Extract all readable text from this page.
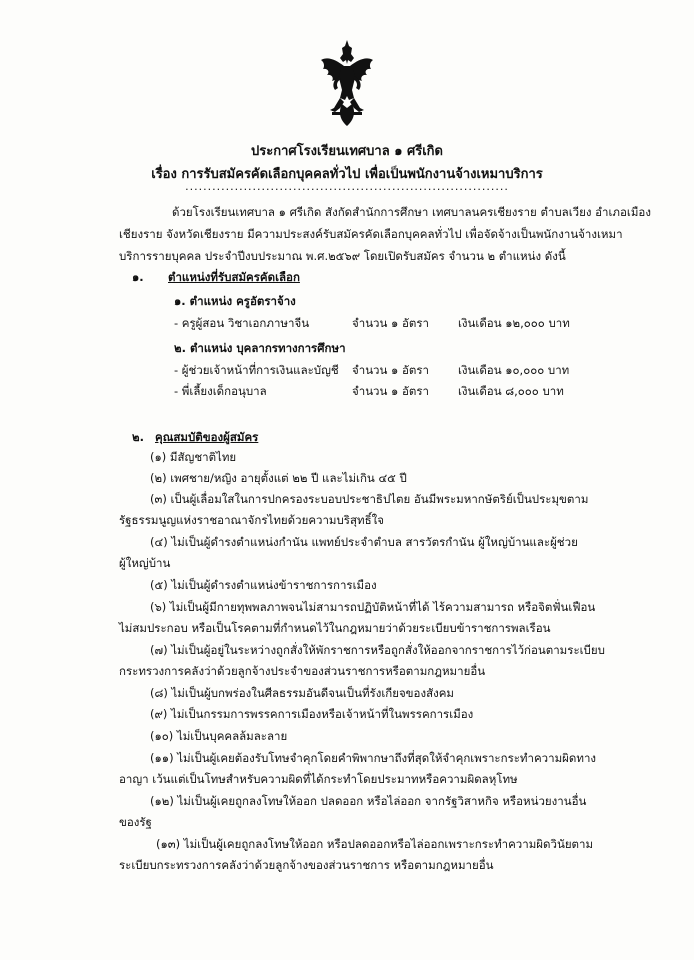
ประกาศโรงเรียนเทศบาล ๑ ศรีเกิด
เรื่อง การรับสมัครคัดเลือกบุคคลทั่วไป เพื่อเป็นพนักงานจ้างเหมาบริการ
........................................................................
ด้วยโรงเรียนเทศบาล ๑ ศรีเกิด สังกัดสำนักการศึกษา เทศบาลนครเชียงราย ตำบลเวียง อำเภอเมือง
เชียงราย จังหวัดเชียงราย มีความประสงค์รับสมัครคัดเลือกบุคคลทั่วไป เพื่อจัดจ้างเป็นพนักงานจ้างเหมา
บริการรายบุคคล ประจำปีงบประมาณ พ.ศ.๒๕๖๙ โดยเปิดรับสมัคร จำนวน ๒ ตำแหน่ง ดังนี้
๑. ตำแหน่งที่รับสมัครคัดเลือก
๑. ตำแหน่ง ครูอัตราจ้าง
- ครูผู้สอน วิชาเอกภาษาจีน	จำนวน ๑ อัตรา	เงินเดือน ๑๒,๐๐๐ บาท
๒. ตำแหน่ง บุคลากรทางการศึกษา
- ผู้ช่วยเจ้าหน้าที่การเงินและบัญชี จำนวน ๑ อัตรา	เงินเดือน ๑๐,๐๐๐ บาท
- พี่เลี้ยงเด็กอนุบาล	จำนวน ๑ อัตรา	เงินเดือน ๘,๐๐๐ บาท
๒. คุณสมบัติของผู้สมัคร
(๑) มีสัญชาติไทย
(๒) เพศชาย/หญิง อายุตั้งแต่ ๒๒ ปี และไม่เกิน ๔๕ ปี
(๓) เป็นผู้เลื่อมใสในการปกครองระบอบประชาธิปไตย อันมีพระมหากษัตริย์เป็นประมุขตาม
รัฐธรรมนูญแห่งราชอาณาจักรไทยด้วยความบริสุทธิ์ใจ
(๔) ไม่เป็นผู้ดำรงตำแหน่งกำนัน แพทย์ประจำตำบล สารวัตรกำนัน ผู้ใหญ่บ้านและผู้ช่วย
ผู้ใหญ่บ้าน
(๕) ไม่เป็นผู้ดำรงตำแหน่งข้าราชการการเมือง
(๖) ไม่เป็นผู้มีกายทุพพลภาพจนไม่สามารถปฏิบัติหน้าที่ได้ ไร้ความสามารถ หรือจิตฟั่นเฟือน
ไม่สมประกอบ หรือเป็นโรคตามที่กำหนดไว้ในกฎหมายว่าด้วยระเบียบข้าราชการพลเรือน
(๗) ไม่เป็นผู้อยู่ในระหว่างถูกสั่งให้พักราชการหรือถูกสั่งให้ออกจากราชการไว้ก่อนตามระเบียบ
กระทรวงการคลังว่าด้วยลูกจ้างประจำของส่วนราชการหรือตามกฎหมายอื่น
(๘) ไม่เป็นผู้บกพร่องในศีลธรรมอันดีจนเป็นที่รังเกียจของสังคม
(๙) ไม่เป็นกรรมการพรรคการเมืองหรือเจ้าหน้าที่ในพรรคการเมือง
(๑๐) ไม่เป็นบุคคลล้มละลาย
(๑๑) ไม่เป็นผู้เคยต้องรับโทษจำคุกโดยคำพิพากษาถึงที่สุดให้จำคุกเพราะกระทำความผิดทาง
อาญา เว้นแต่เป็นโทษสำหรับความผิดที่ได้กระทำโดยประมาทหรือความผิดลหุโทษ
(๑๒) ไม่เป็นผู้เคยถูกลงโทษให้ออก ปลดออก หรือไล่ออก จากรัฐวิสาหกิจ หรือหน่วยงานอื่น
ของรัฐ
(๑๓) ไม่เป็นผู้เคยถูกลงโทษให้ออก หรือปลดออกหรือไล่ออกเพราะกระทำความผิดวินัยตาม
ระเบียบกระทรวงการคลังว่าด้วยลูกจ้างของส่วนราชการ หรือตามกฎหมายอื่น
